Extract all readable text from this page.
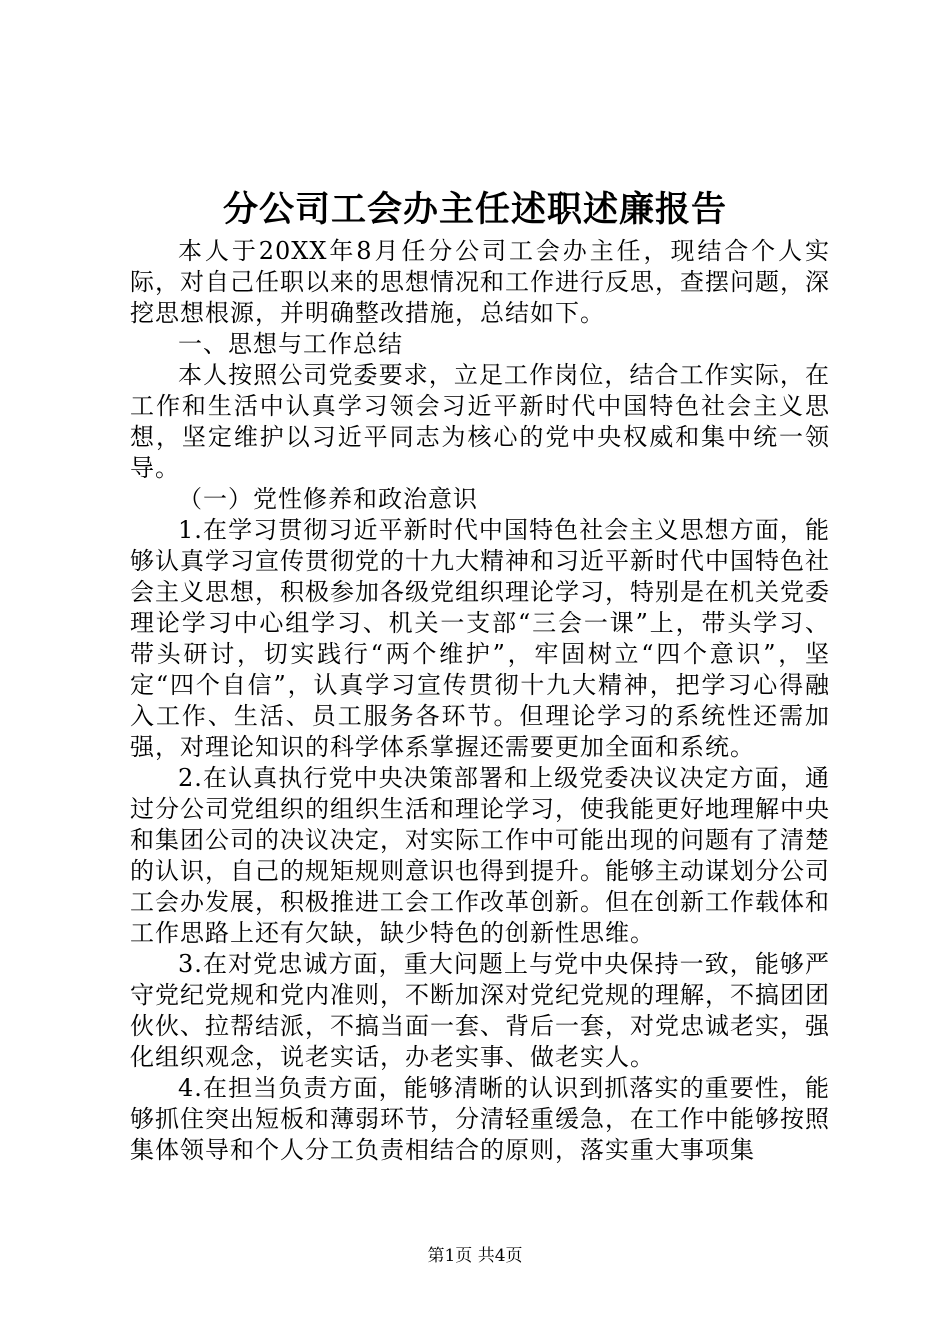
分公司工会办主任述职述廉报告

本人于20XX年8月任分公司工会办主任，现结合个人实际，对自己任职以来的思想情况和工作进行反思，查摆问题，深挖思想根源，并明确整改措施，总结如下。

一、思想与工作总结

本人按照公司党委要求，立足工作岗位，结合工作实际，在工作和生活中认真学习领会习近平新时代中国特色社会主义思想，坚定维护以习近平同志为核心的党中央权威和集中统一领导。

（一）党性修养和政治意识

1.在学习贯彻习近平新时代中国特色社会主义思想方面，能够认真学习宣传贯彻党的十九大精神和习近平新时代中国特色社会主义思想，积极参加各级党组织理论学习，特别是在机关党委理论学习中心组学习、机关一支部“三会一课”上，带头学习、带头研讨，切实践行“两个维护”，牢固树立“四个意识”，坚定“四个自信”，认真学习宣传贯彻十九大精神，把学习心得融入工作、生活、员工服务各环节。但理论学习的系统性还需加强，对理论知识的科学体系掌握还需要更加全面和系统。

2.在认真执行党中央决策部署和上级党委决议决定方面，通过分公司党组织的组织生活和理论学习，使我能更好地理解中央和集团公司的决议决定，对实际工作中可能出现的问题有了清楚的认识，自己的规矩规则意识也得到提升。能够主动谋划分公司工会办发展，积极推进工会工作改革创新。但在创新工作载体和工作思路上还有欠缺，缺少特色的创新性思维。

3.在对党忠诚方面，重大问题上与党中央保持一致，能够严守党纪党规和党内准则，不断加深对党纪党规的理解，不搞团团伙伙、拉帮结派，不搞当面一套、背后一套，对党忠诚老实，强化组织观念，说老实话，办老实事、做老实人。

4.在担当负责方面，能够清晰的认识到抓落实的重要性，能够抓住突出短板和薄弱环节，分清轻重缓急，在工作中能够按照集体领导和个人分工负责相结合的原则，落实重大事项集

第1页 共4页
